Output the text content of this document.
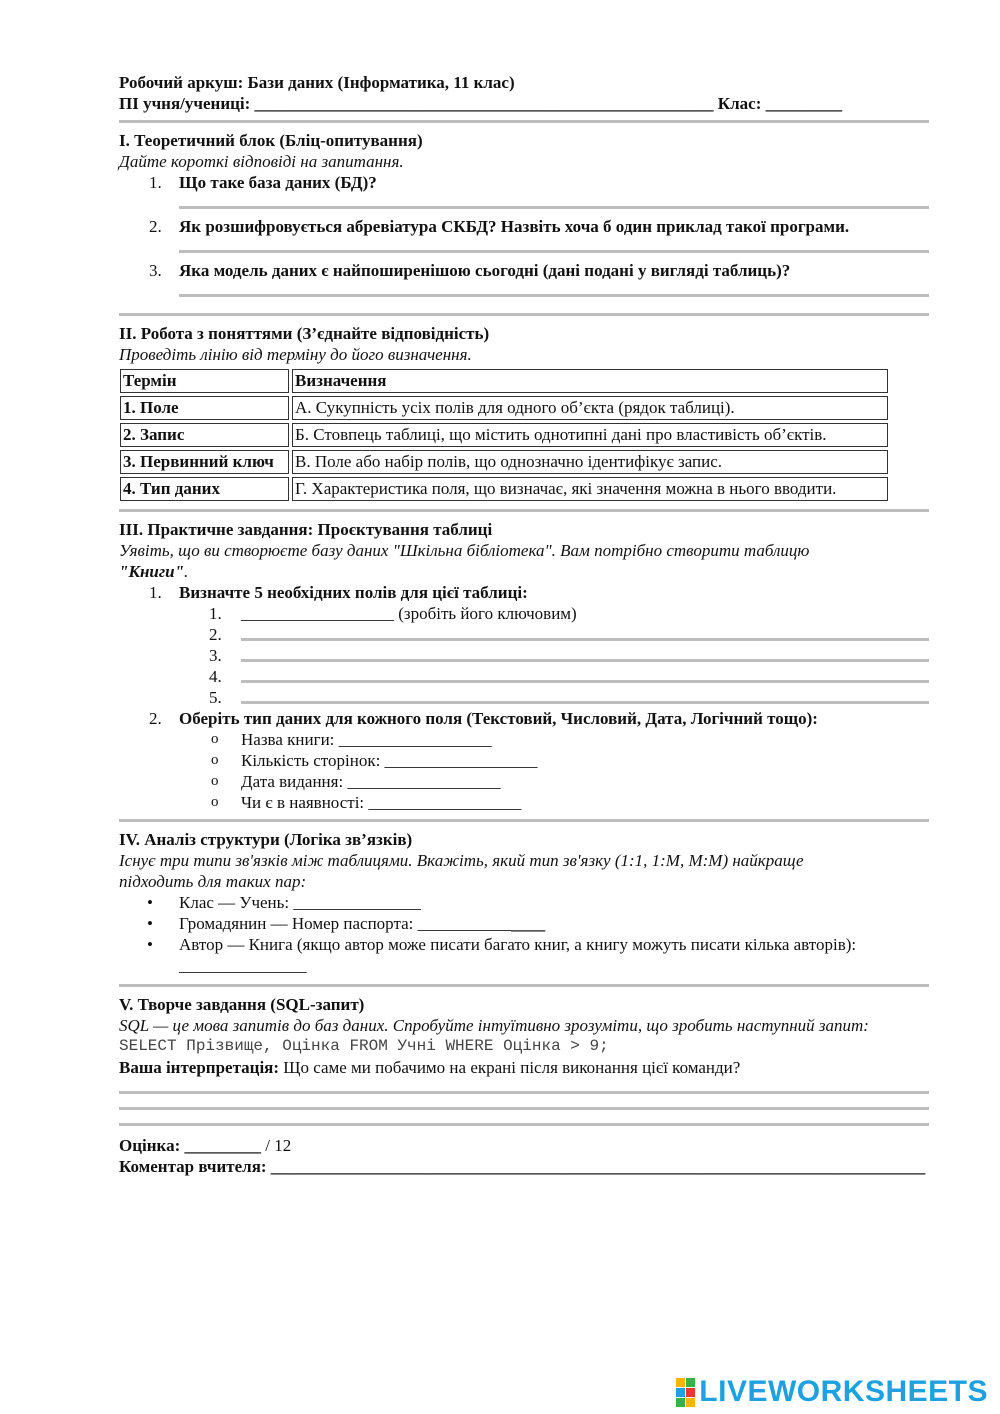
Робочий аркуш: Бази даних (Інформатика, 11 клас)
ПІ учня/учениці: ______________________________________________________ Клас: _________
I. Теоретичний блок (Бліц-опитування)
Дайте короткі відповіді на запитання.
1. Що таке база даних (БД)?
2. Як розшифровується абревіатура СКБД? Назвіть хоча б один приклад такої програми.
3. Яка модель даних є найпоширенішою сьогодні (дані подані у вигляді таблиць)?
II. Робота з поняттями (З’єднайте відповідність)
Проведіть лінію від терміну до його визначення.
Термін	Визначення
1. Поле	А. Сукупність усіх полів для одного об’єкта (рядок таблиці).
2. Запис	Б. Стовпець таблиці, що містить однотипні дані про властивість об’єктів.
3. Первинний ключ	В. Поле або набір полів, що однозначно ідентифікує запис.
4. Тип даних	Г. Характеристика поля, що визначає, які значення можна в нього вводити.
III. Практичне завдання: Проєктування таблиці
Уявіть, що ви створюєте базу даних "Шкільна бібліотека". Вам потрібно створити таблицю
"Книги".
1. Визначте 5 необхідних полів для цієї таблиці:
1. __________________ (зробіть його ключовим)
2.
3.
4.
5.
2. Оберіть тип даних для кожного поля (Текстовий, Числовий, Дата, Логічний тощо):
o Назва книги: __________________
o Кількість сторінок: __________________
o Дата видання: __________________
o Чи є в наявності: __________________
IV. Аналіз структури (Логіка зв’язків)
Існує три типи зв'язків між таблицями. Вкажіть, який тип зв'язку (1:1, 1:M, M:M) найкраще підходить для таких пар:
• Клас — Учень: _______________
• Громадянин — Номер паспорта: _______________
• Автор — Книга (якщо автор може писати багато книг, а книгу можуть писати кілька авторів):
_______________
V. Творче завдання (SQL-запит)
SQL — це мова запитів до баз даних. Спробуйте інтуїтивно зрозуміти, що зробить наступний запит:
SELECT Прізвище, Оцінка FROM Учні WHERE Оцінка > 9;
Ваша інтерпретація: Що саме ми побачимо на екрані після виконання цієї команди?
Оцінка: _________ / 12
Коментар вчителя: _____________________________________________________________________________
LIVEWORKSHEETS
